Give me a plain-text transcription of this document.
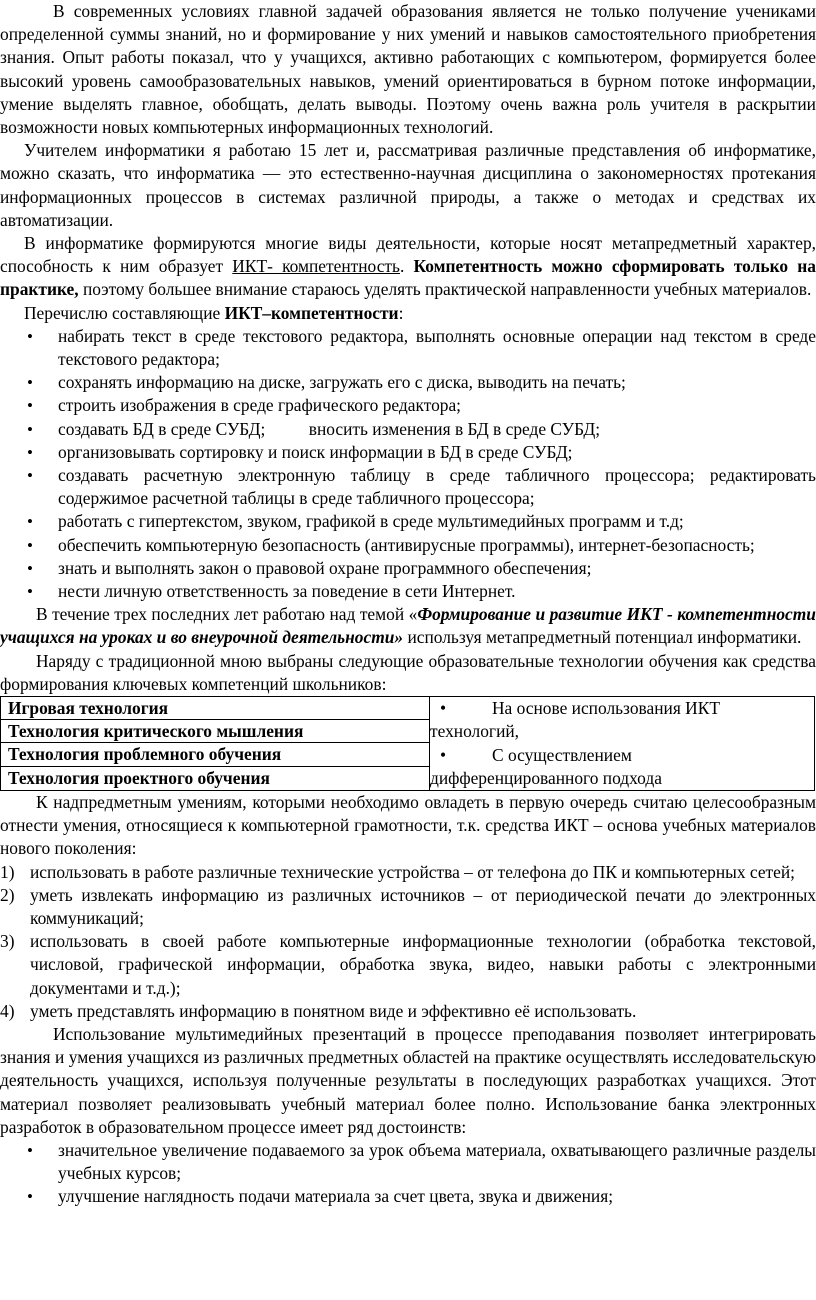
В современных условиях главной задачей образования является не только получение учениками определенной суммы знаний, но и формирование у них умений и навыков самостоятельного приобретения знания. Опыт работы показал, что у учащихся, активно работающих с компьютером, формируется более высокий уровень самообразовательных навыков, умений ориентироваться в бурном потоке информации, умение выделять главное, обобщать, делать выводы. Поэтому очень важна роль учителя в раскрытии возможности новых компьютерных информационных технологий.

Учителем информатики я работаю 15 лет и, рассматривая различные представления об информатике, можно сказать, что информатика — это естественно-научная дисциплина о закономерностях протекания информационных процессов в системах различной природы, а также о методах и средствах их автоматизации.

В информатике формируются многие виды деятельности, которые носят метапредметный характер, способность к ним образует ИКТ- компетентность. Компетентность можно сформировать только на практике, поэтому большее внимание стараюсь уделять практической направленности учебных материалов.

Перечислю составляющие ИКТ–компетентности:

• набирать текст в среде текстового редактора, выполнять основные операции над текстом в среде текстового редактора;
• сохранять информацию на диске, загружать его с диска, выводить на печать;
• строить изображения в среде графического редактора;
• создавать БД в среде СУБД;          вносить изменения в БД в среде СУБД;
• организовывать сортировку и поиск информации в БД в среде СУБД;
• создавать расчетную электронную таблицу в среде табличного процессора; редактировать содержимое расчетной таблицы в среде табличного процессора;
• работать с гипертекстом, звуком, графикой в среде мультимедийных программ и т.д;
• обеспечить компьютерную безопасность (антивирусные программы), интернет-безопасность;
• знать и выполнять закон о правовой охране программного обеспечения;
• нести личную ответственность за поведение в сети Интернет.

В течение трех последних лет работаю над темой «Формирование и развитие ИКТ - компетентности учащихся на уроках и во внеурочной деятельности» используя метапредметный потенциал информатики.

Наряду с традиционной мною выбраны следующие образовательные технологии обучения как средства формирования ключевых компетенций школьников:

Игровая технология
Технология критического мышления
Технология проблемного обучения
Технология проектного обучения
• На основе использования ИКТ
технологий,
• С осуществлением
дифференцированного подхода

К надпредметным умениям, которыми необходимо овладеть в первую очередь считаю целесообразным отнести умения, относящиеся к компьютерной грамотности, т.к. средства ИКТ – основа учебных материалов нового поколения:

1) использовать в работе различные технические устройства – от телефона до ПК и компьютерных сетей;
2) уметь извлекать информацию из различных источников – от периодической печати до электронных коммуникаций;
3) использовать в своей работе компьютерные информационные технологии (обработка текстовой, числовой, графической информации, обработка звука, видео, навыки работы с электронными документами и т.д.);
4) уметь представлять информацию в понятном виде и эффективно её использовать.

Использование мультимедийных презентаций в процессе преподавания позволяет интегрировать знания и умения учащихся из различных предметных областей на практике осуществлять исследовательскую деятельность учащихся, используя полученные результаты в последующих разработках учащихся. Этот материал позволяет реализовывать учебный материал более полно. Использование банка электронных разработок в образовательном процессе имеет ряд достоинств:

• значительное увеличение подаваемого за урок объема материала, охватывающего различные разделы учебных курсов;
• улучшение наглядность подачи материала за счет цвета, звука и движения;
